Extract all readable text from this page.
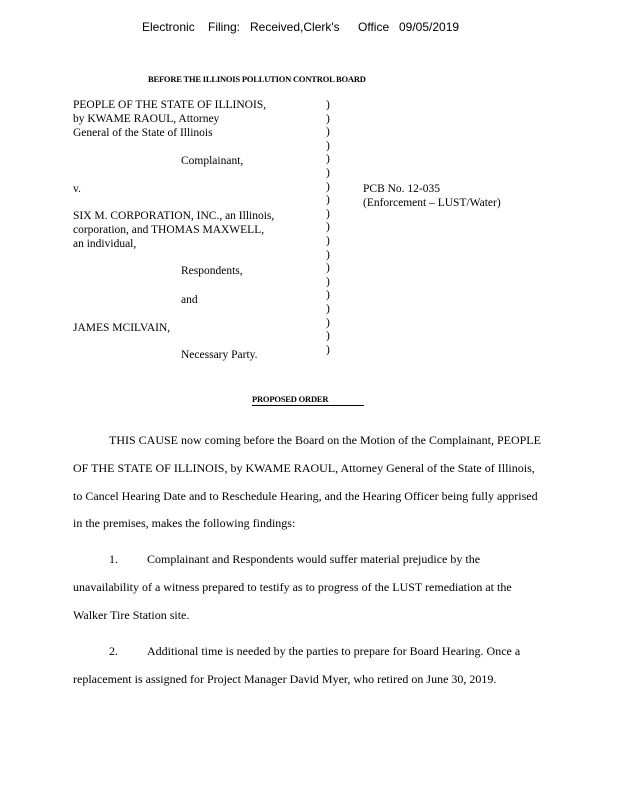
Electronic Filing: Received,Clerk's Office 09/05/2019
BEFORE THE ILLINOIS POLLUTION CONTROL BOARD
PEOPLE OF THE STATE OF ILLINOIS,
by KWAME RAOUL, Attorney
General of the State of Illinois
Complainant,
v.
SIX M. CORPORATION, INC., an Illinois,
corporation, and THOMAS MAXWELL,
an individual,
Respondents,
and
JAMES MCILVAIN,
Necessary Party.
)
)
)
)
)
)
)
)
)
)
)
)
)
)
)
)
)
)
)
PCB No. 12-035
(Enforcement – LUST/Water)
PROPOSED ORDER
THIS CAUSE now coming before the Board on the Motion of the Complainant, PEOPLE
OF THE STATE OF ILLINOIS, by KWAME RAOUL, Attorney General of the State of Illinois,
to Cancel Hearing Date and to Reschedule Hearing, and the Hearing Officer being fully apprised
in the premises, makes the following findings:
1. Complainant and Respondents would suffer material prejudice by the
unavailability of a witness prepared to testify as to progress of the LUST remediation at the
Walker Tire Station site.
2. Additional time is needed by the parties to prepare for Board Hearing. Once a
replacement is assigned for Project Manager David Myer, who retired on June 30, 2019.
